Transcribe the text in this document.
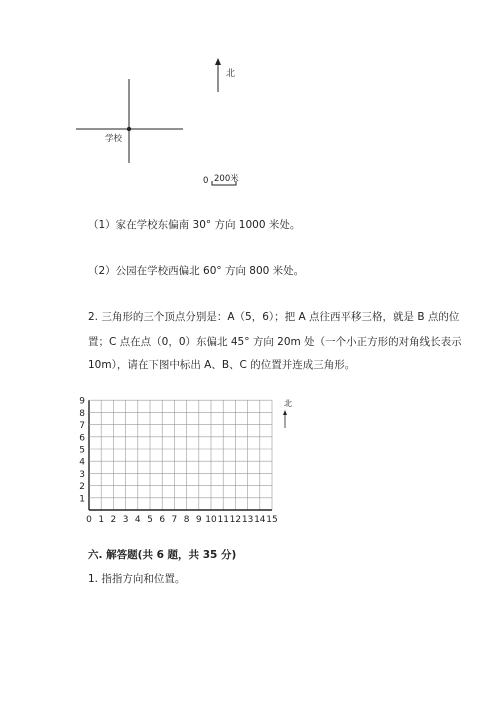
北
学校
0 200米
（1）家在学校东偏南 30° 方向 1000 米处。
（2）公园在学校西偏北 60° 方向 800 米处。
2. 三角形的三个顶点分别是：A（5，6）；把 A 点往西平移三格，就是 B 点的位
置；C 点在点（0，0）东偏北 45° 方向 20m 处（一个小正方形的对角线长表示
10m），请在下图中标出 A、B、C 的位置并连成三角形。
0 1 2 3 4 5 6 7 8 9 10 11 12 13 14 15
1
2
3
4
5
6
7
8
9	北
六. 解答题(共 6 题，共 35 分)
1. 指指方向和位置。
